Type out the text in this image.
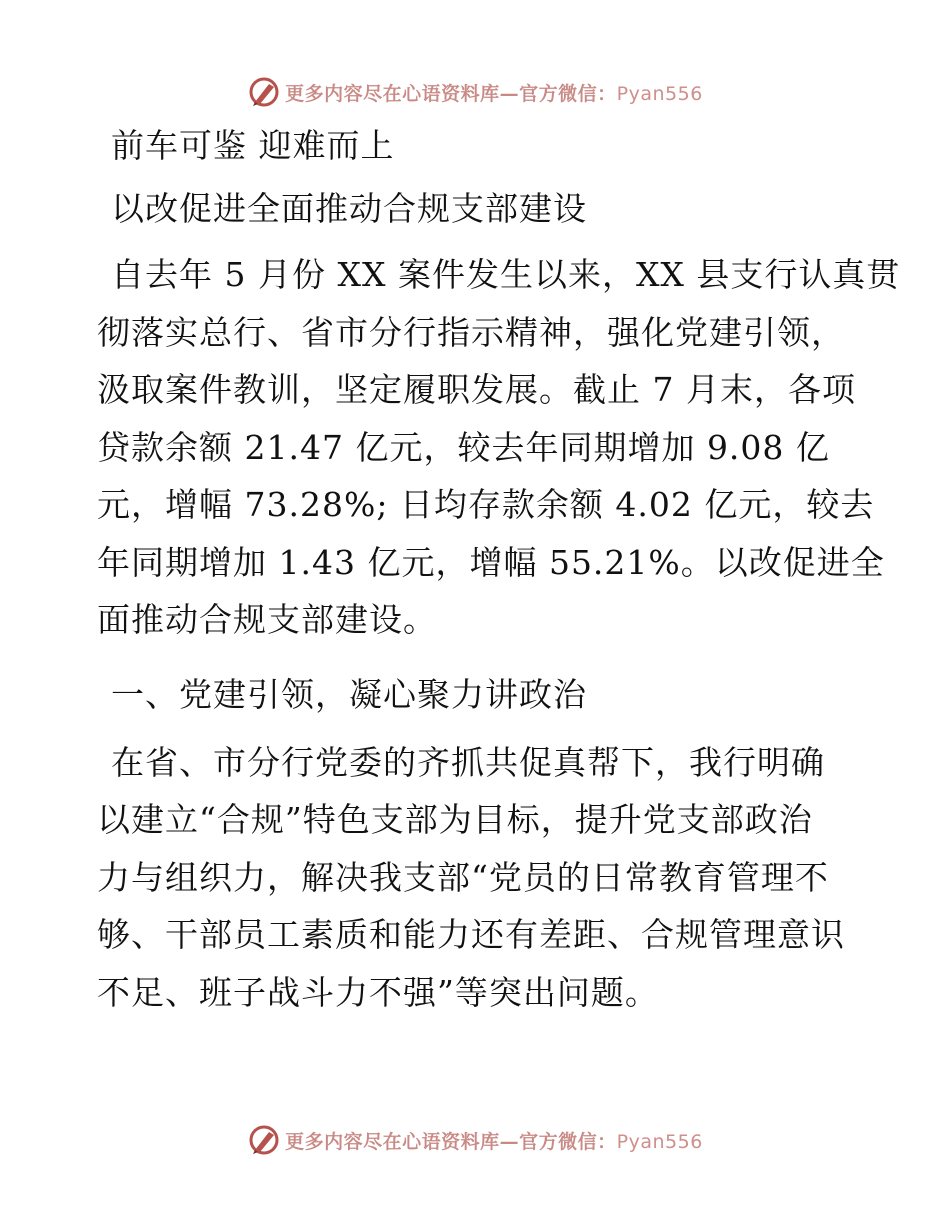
更多内容尽在心语资料库—官方微信：Pyan556

前车可鉴 迎难而上

以改促进全面推动合规支部建设

自去年 5 月份 XX 案件发生以来，XX 县支行认真贯
彻落实总行、省市分行指示精神，强化党建引领，
汲取案件教训，坚定履职发展。截止 7 月末，各项
贷款余额 21.47 亿元，较去年同期增加 9.08 亿
元，增幅 73.28%; 日均存款余额 4.02 亿元，较去
年同期增加 1.43 亿元，增幅 55.21%。以改促进全
面推动合规支部建设。

一、党建引领，凝心聚力讲政治

在省、市分行党委的齐抓共促真帮下，我行明确
以建立“合规”特色支部为目标，提升党支部政治
力与组织力，解决我支部“党员的日常教育管理不
够、干部员工素质和能力还有差距、合规管理意识
不足、班子战斗力不强”等突出问题。
更多内容尽在心语资料库—官方微信：Pyan556
